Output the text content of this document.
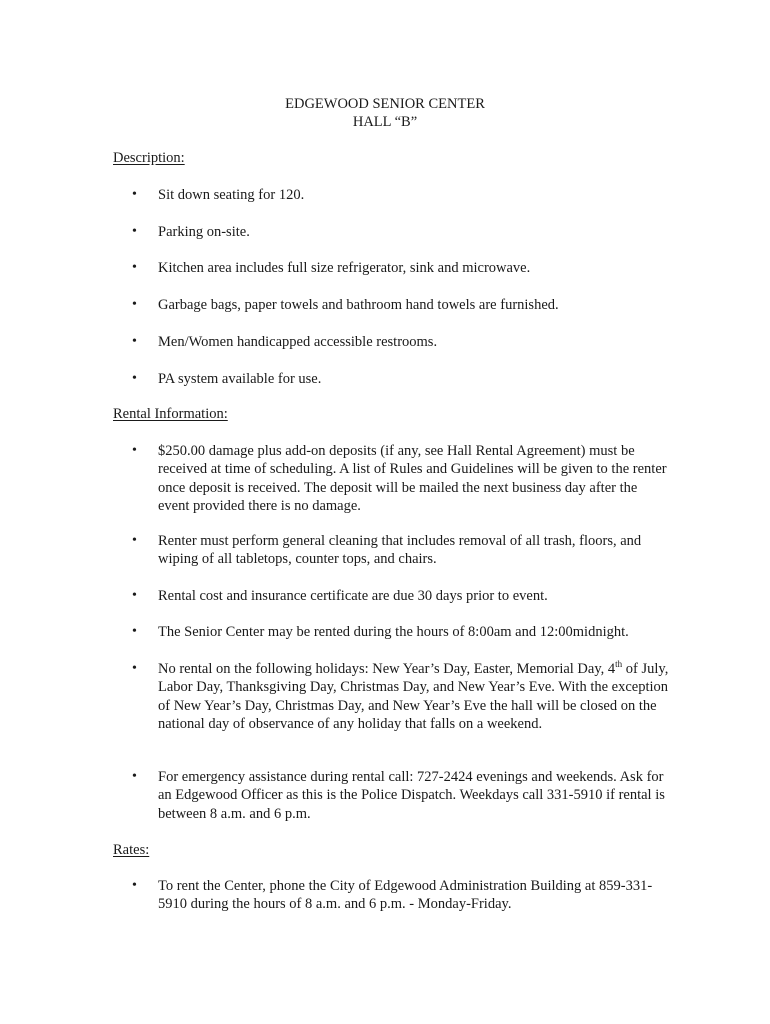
EDGEWOOD SENIOR CENTER
HALL “B”
Description:
• Sit down seating for 120.
• Parking on-site.
• Kitchen area includes full size refrigerator, sink and microwave.
• Garbage bags, paper towels and bathroom hand towels are furnished.
• Men/Women handicapped accessible restrooms.
• PA system available for use.
Rental Information:
• $250.00 damage plus add-on deposits (if any, see Hall Rental Agreement) must be received at time of scheduling. A list of Rules and Guidelines will be given to the renter once deposit is received. The deposit will be mailed the next business day after the event provided there is no damage.
• Renter must perform general cleaning that includes removal of all trash, floors, and wiping of all tabletops, counter tops, and chairs.
• Rental cost and insurance certificate are due 30 days prior to event.
• The Senior Center may be rented during the hours of 8:00am and 12:00midnight.
• No rental on the following holidays: New Year’s Day, Easter, Memorial Day, 4th of July, Labor Day, Thanksgiving Day, Christmas Day, and New Year’s Eve. With the exception of New Year’s Day, Christmas Day, and New Year’s Eve the hall will be closed on the national day of observance of any holiday that falls on a weekend.
• For emergency assistance during rental call: 727-2424 evenings and weekends. Ask for an Edgewood Officer as this is the Police Dispatch. Weekdays call 331-5910 if rental is between 8 a.m. and 6 p.m.
Rates:
• To rent the Center, phone the City of Edgewood Administration Building at 859-331-5910 during the hours of 8 a.m. and 6 p.m. - Monday-Friday.
